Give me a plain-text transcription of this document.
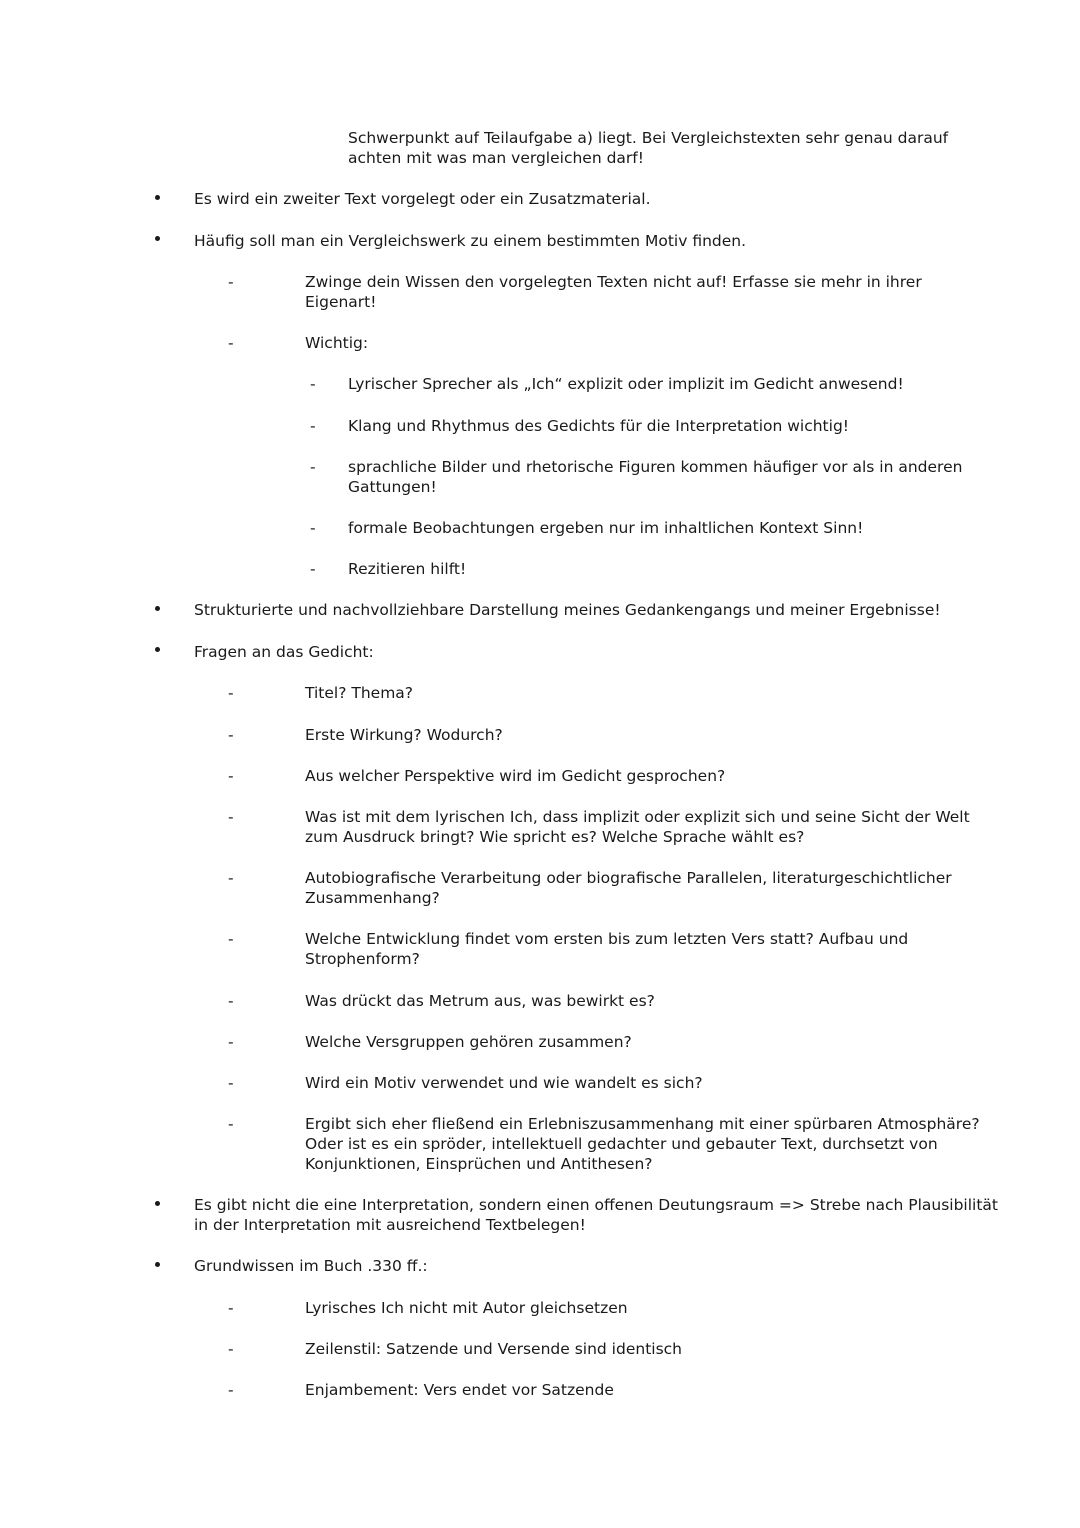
Schwerpunkt auf Teilaufgabe a) liegt. Bei Vergleichstexten sehr genau darauf
achten mit was man vergleichen darf!
Es wird ein zweiter Text vorgelegt oder ein Zusatzmaterial.
Häufig soll man ein Vergleichswerk zu einem bestimmten Motiv finden.
-	Zwinge dein Wissen den vorgelegten Texten nicht auf! Erfasse sie mehr in ihrer
Eigenart!
-	Wichtig:
- Lyrischer Sprecher als „Ich“ explizit oder implizit im Gedicht anwesend!
- Klang und Rhythmus des Gedichts für die Interpretation wichtig!
- sprachliche Bilder und rhetorische Figuren kommen häufiger vor als in anderen
Gattungen!
- formale Beobachtungen ergeben nur im inhaltlichen Kontext Sinn!
- Rezitieren hilft!
Strukturierte und nachvollziehbare Darstellung meines Gedankengangs und meiner Ergebnisse!
Fragen an das Gedicht:
-	Titel? Thema?
-	Erste Wirkung? Wodurch?
-	Aus welcher Perspektive wird im Gedicht gesprochen?
-	Was ist mit dem lyrischen Ich, dass implizit oder explizit sich und seine Sicht der Welt
zum Ausdruck bringt? Wie spricht es? Welche Sprache wählt es?
-	Autobiografische Verarbeitung oder biografische Parallelen, literaturgeschichtlicher
Zusammenhang?
-	Welche Entwicklung findet vom ersten bis zum letzten Vers statt? Aufbau und
Strophenform?
-	Was drückt das Metrum aus, was bewirkt es?
-	Welche Versgruppen gehören zusammen?
-	Wird ein Motiv verwendet und wie wandelt es sich?
-	Ergibt sich eher fließend ein Erlebniszusammenhang mit einer spürbaren Atmosphäre?
Oder ist es ein spröder, intellektuell gedachter und gebauter Text, durchsetzt von
Konjunktionen, Einsprüchen und Antithesen?
Es gibt nicht die eine Interpretation, sondern einen offenen Deutungsraum => Strebe nach Plausibilität
in der Interpretation mit ausreichend Textbelegen!
Grundwissen im Buch .330 ff.:
-	Lyrisches Ich nicht mit Autor gleichsetzen
-	Zeilenstil: Satzende und Versende sind identisch
-	Enjambement: Vers endet vor Satzende
